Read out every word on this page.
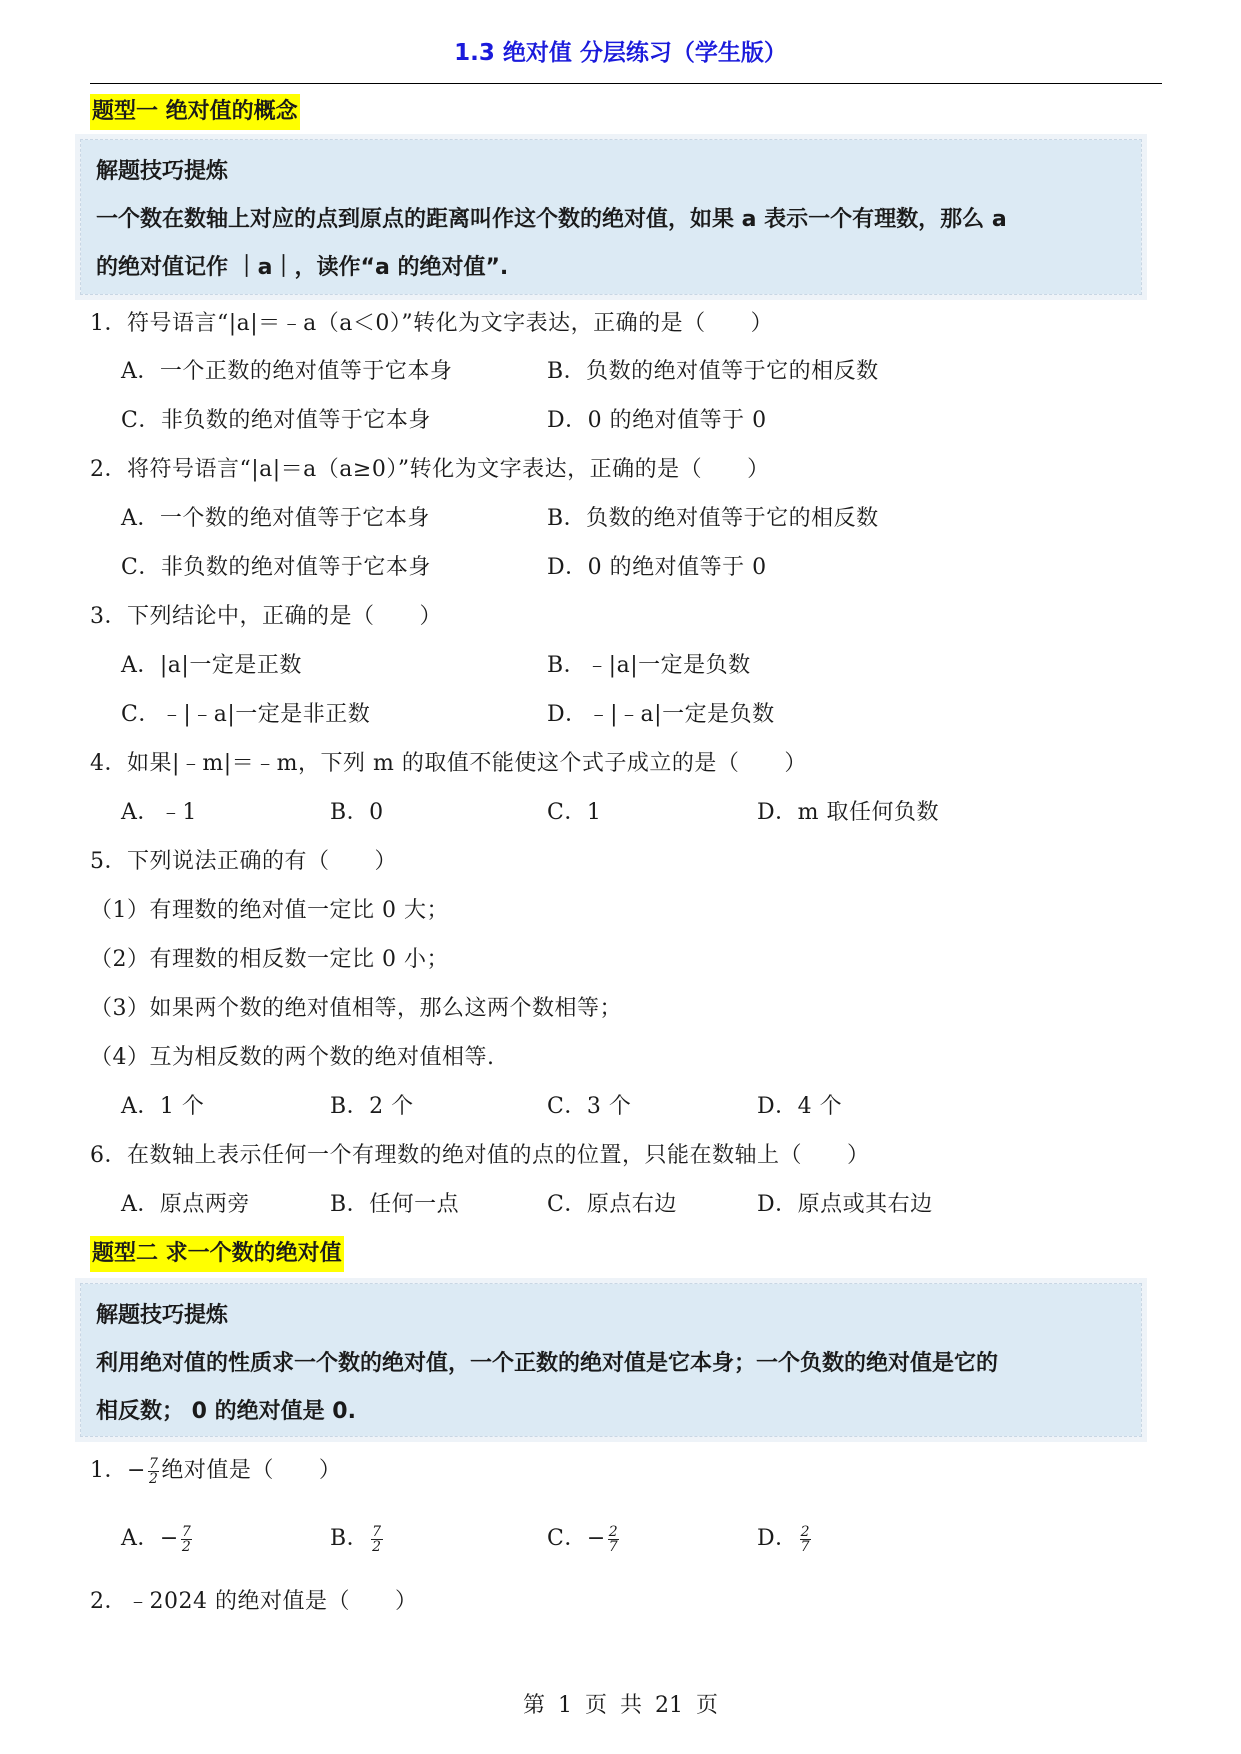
1.3 绝对值 分层练习（学生版）
题型一 绝对值的概念
解题技巧提炼
一个数在数轴上对应的点到原点的距离叫作这个数的绝对值，如果 a 表示一个有理数，那么 a
的绝对值记作 ｜a｜，读作“a 的绝对值”.
1．符号语言“|a|＝﹣a（a＜0）”转化为文字表达，正确的是（　　）
A．一个正数的绝对值等于它本身	B．负数的绝对值等于它的相反数
C．非负数的绝对值等于它本身	D．0 的绝对值等于 0
2．将符号语言“|a|＝a（a≥0）”转化为文字表达，正确的是（　　）
A．一个数的绝对值等于它本身	B．负数的绝对值等于它的相反数
C．非负数的绝对值等于它本身	D．0 的绝对值等于 0
3．下列结论中，正确的是（　　）
A．|a|一定是正数	B．﹣|a|一定是负数
C．﹣|﹣a|一定是非正数	D．﹣|﹣a|一定是负数
4．如果|﹣m|＝﹣m，下列 m 的取值不能使这个式子成立的是（　　）
A．﹣1	B．0	C．1	D．m 取任何负数
5．下列说法正确的有（　　）
（1）有理数的绝对值一定比 0 大；
（2）有理数的相反数一定比 0 小；
（3）如果两个数的绝对值相等，那么这两个数相等；
（4）互为相反数的两个数的绝对值相等.
A．1 个	B．2 个	C．3 个	D．4 个
6．在数轴上表示任何一个有理数的绝对值的点的位置，只能在数轴上（　　）
A．原点两旁	B．任何一点	C．原点右边	D．原点或其右边
题型二 求一个数的绝对值
解题技巧提炼
利用绝对值的性质求一个数的绝对值，一个正数的绝对值是它本身；一个负数的绝对值是它的
相反数； 0 的绝对值是 0.
1．− $\frac{7}{2}$ 绝对值是（　　）
A．− $\frac{7}{2}$	B． $\frac{7}{2}$	C．− $\frac{2}{7}$	D． $\frac{2}{7}$
2．﹣2024 的绝对值是（　　）
第 1 页 共 21 页
